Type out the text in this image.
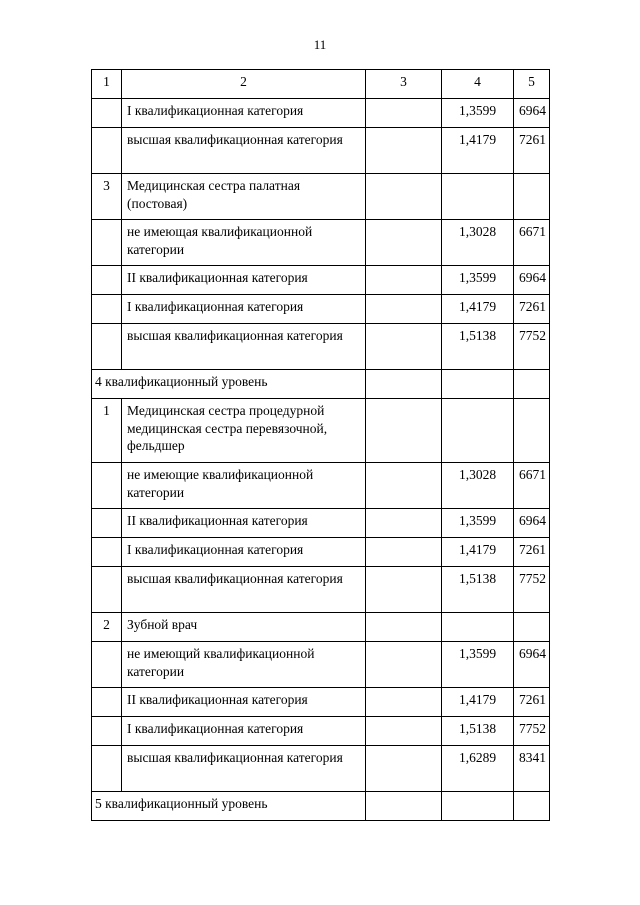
11
1	2	3	4	5
	I квалификационная категория		1,3599	6964
	высшая квалификационная категория		1,4179	7261
3	Медицинская сестра палатная (постовая)			
	не имеющая квалификационной категории		1,3028	6671
	II квалификационная категория		1,3599	6964
	I квалификационная категория		1,4179	7261
	высшая квалификационная категория		1,5138	7752
4 квалификационный уровень				
1	Медицинская сестра процедурной медицинская сестра перевязочной, фельдшер			
	не имеющие квалификационной категории		1,3028	6671
	II квалификационная категория		1,3599	6964
	I квалификационная категория		1,4179	7261
	высшая квалификационная категория		1,5138	7752
2	Зубной врач			
	не имеющий квалификационной категории		1,3599	6964
	II квалификационная категория		1,4179	7261
	I квалификационная категория		1,5138	7752
	высшая квалификационная категория		1,6289	8341
5 квалификационный уровень				
